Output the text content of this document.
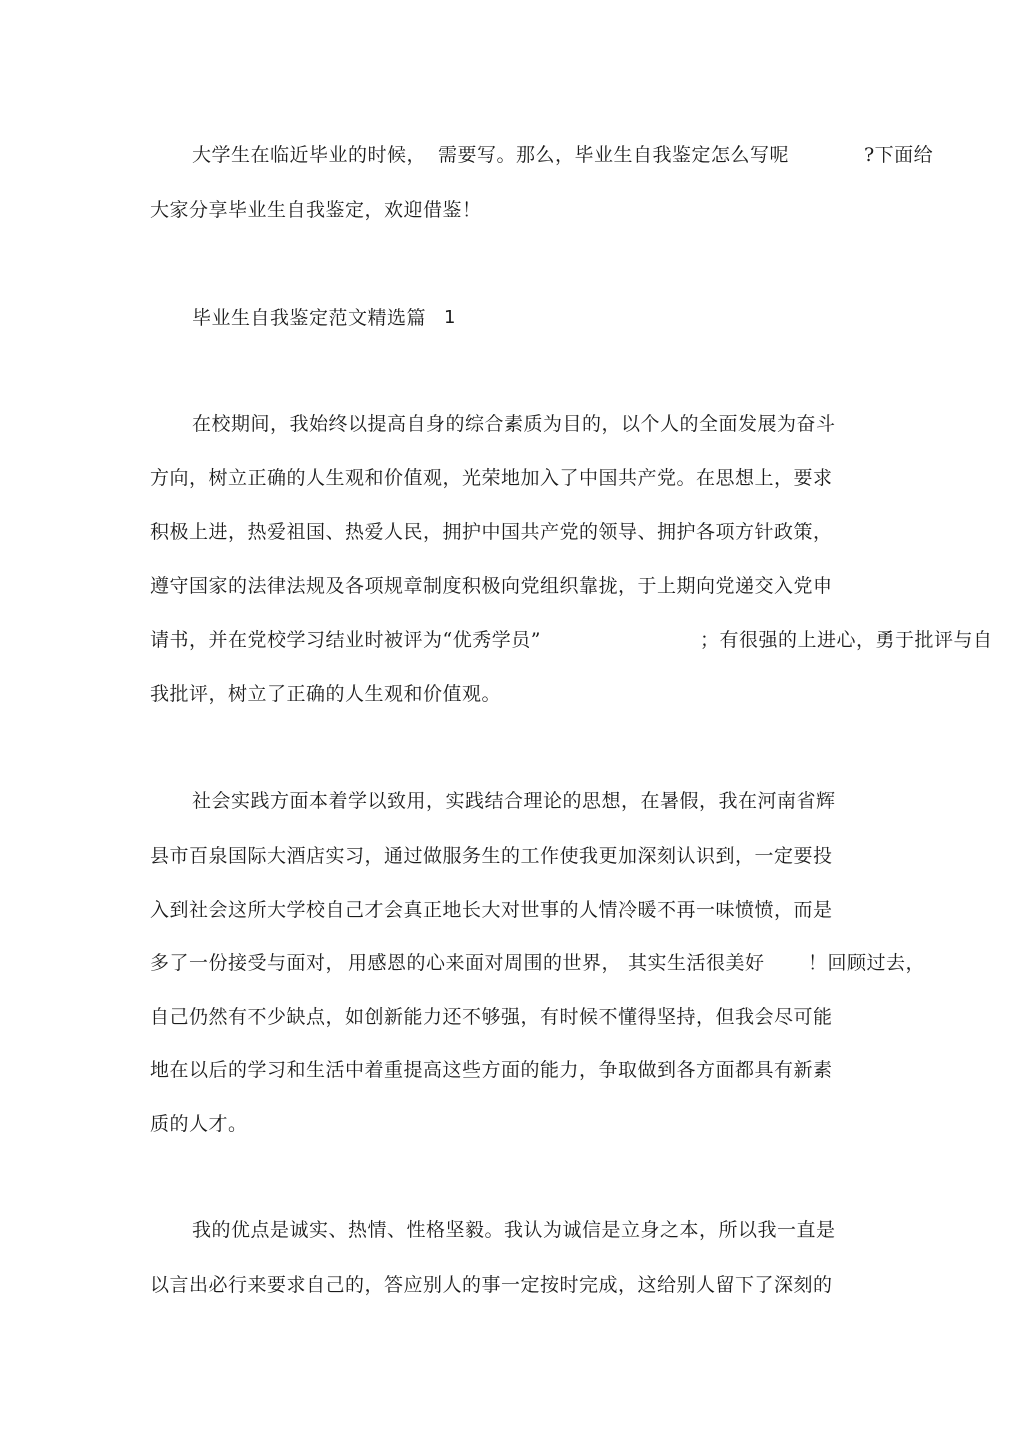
大学生在临近毕业的时候， 需要写。那么，毕业生自我鉴定怎么写呢	?下面给
大家分享毕业生自我鉴定，欢迎借鉴！
毕业生自我鉴定范文精选篇 1
在校期间，我始终以提高自身的综合素质为目的，以个人的全面发展为奋斗
方向，树立正确的人生观和价值观，光荣地加入了中国共产党。在思想上，要求
积极上进，热爱祖国、热爱人民，拥护中国共产党的领导、拥护各项方针政策，
遵守国家的法律法规及各项规章制度积极向党组织靠拢，于上期向党递交入党申
请书，并在党校学习结业时被评为“优秀学员”	；有很强的上进心，勇于批评与自
我批评，树立了正确的人生观和价值观。
社会实践方面本着学以致用，实践结合理论的思想，在暑假，我在河南省辉
县市百泉国际大酒店实习，通过做服务生的工作使我更加深刻认识到，一定要投
入到社会这所大学校自己才会真正地长大对世事的人情冷暖不再一味愤愤，而是
多了一份接受与面对， 用感恩的心来面对周围的世界， 其实生活很美好 ！回顾过去，
自己仍然有不少缺点，如创新能力还不够强，有时候不懂得坚持，但我会尽可能
地在以后的学习和生活中着重提高这些方面的能力，争取做到各方面都具有新素
质的人才。
我的优点是诚实、热情、性格坚毅。我认为诚信是立身之本，所以我一直是
以言出必行来要求自己的，答应别人的事一定按时完成，这给别人留下了深刻的
